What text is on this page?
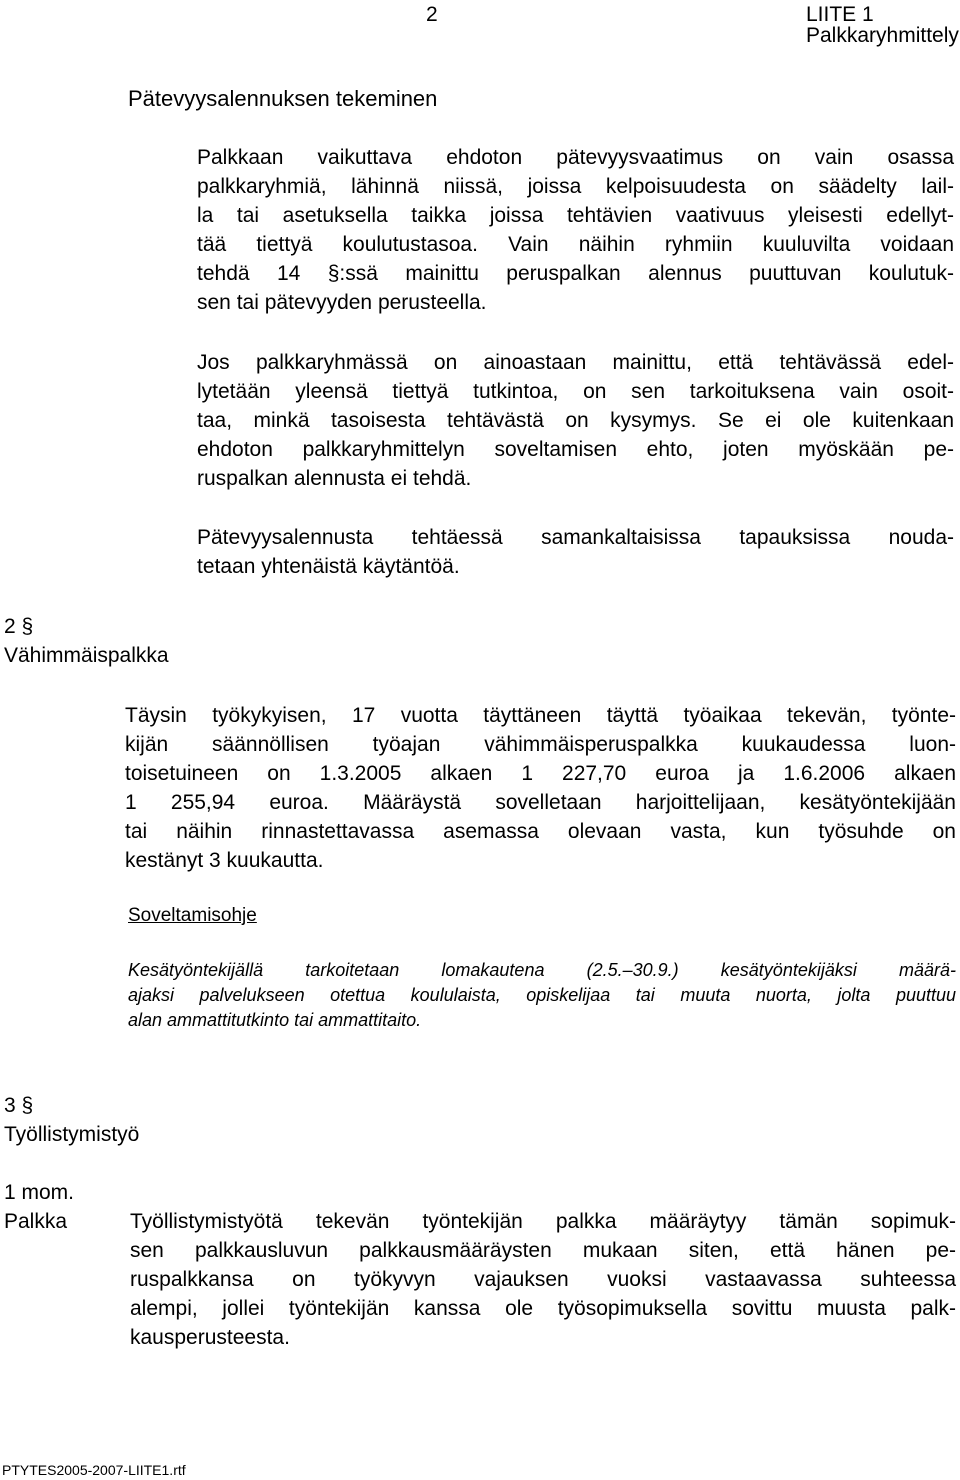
2	LIITE 1
Palkkaryhmittely
Pätevyysalennuksen tekeminen
Palkkaan vaikuttava ehdoton pätevyysvaatimus on vain osassa
palkkaryhmiä, lähinnä niissä, joissa kelpoisuudesta on säädelty lail-
la tai asetuksella taikka joissa tehtävien vaativuus yleisesti edellyt-
tää tiettyä koulutustasoa. Vain näihin ryhmiin kuuluvilta voidaan
tehdä 14 §:ssä mainittu peruspalkan alennus puuttuvan koulutuk-
sen tai pätevyyden perusteella.
Jos palkkaryhmässä on ainoastaan mainittu, että tehtävässä edel-
lytetään yleensä tiettyä tutkintoa, on sen tarkoituksena vain osoit-
taa, minkä tasoisesta tehtävästä on kysymys. Se ei ole kuitenkaan
ehdoton palkkaryhmittelyn soveltamisen ehto, joten myöskään pe-
ruspalkan alennusta ei tehdä.
Pätevyysalennusta tehtäessä samankaltaisissa tapauksissa nouda-
tetaan yhtenäistä käytäntöä.
2 §
Vähimmäispalkka
Täysin työkykyisen, 17 vuotta täyttäneen täyttä työaikaa tekevän, työnte-
kijän säännöllisen työajan vähimmäisperuspalkka kuukaudessa luon-
toisetuineen on 1.3.2005 alkaen 1 227,70 euroa ja 1.6.2006 alkaen
1 255,94 euroa. Määräystä sovelletaan harjoittelijaan, kesätyöntekijään
tai näihin rinnastettavassa asemassa olevaan vasta, kun työsuhde on
kestänyt 3 kuukautta.
Soveltamisohje
Kesätyöntekijällä tarkoitetaan lomakautena (2.5.–30.9.) kesätyöntekijäksi määrä-
ajaksi palvelukseen otettua koululaista, opiskelijaa tai muuta nuorta, jolta puuttuu
alan ammattitutkinto tai ammattitaito.
3 §
Työllistymistyö
1 mom.
Palkka	Työllistymistyötä tekevän työntekijän palkka määräytyy tämän sopimuk-
sen palkkausluvun palkkausmääräysten mukaan siten, että hänen pe-
ruspalkkansa on työkyvyn vajauksen vuoksi vastaavassa suhteessa
alempi, jollei työntekijän kanssa ole työsopimuksella sovittu muusta palk-
kausperusteesta.
PTYTES2005-2007-LIITE1.rtf
